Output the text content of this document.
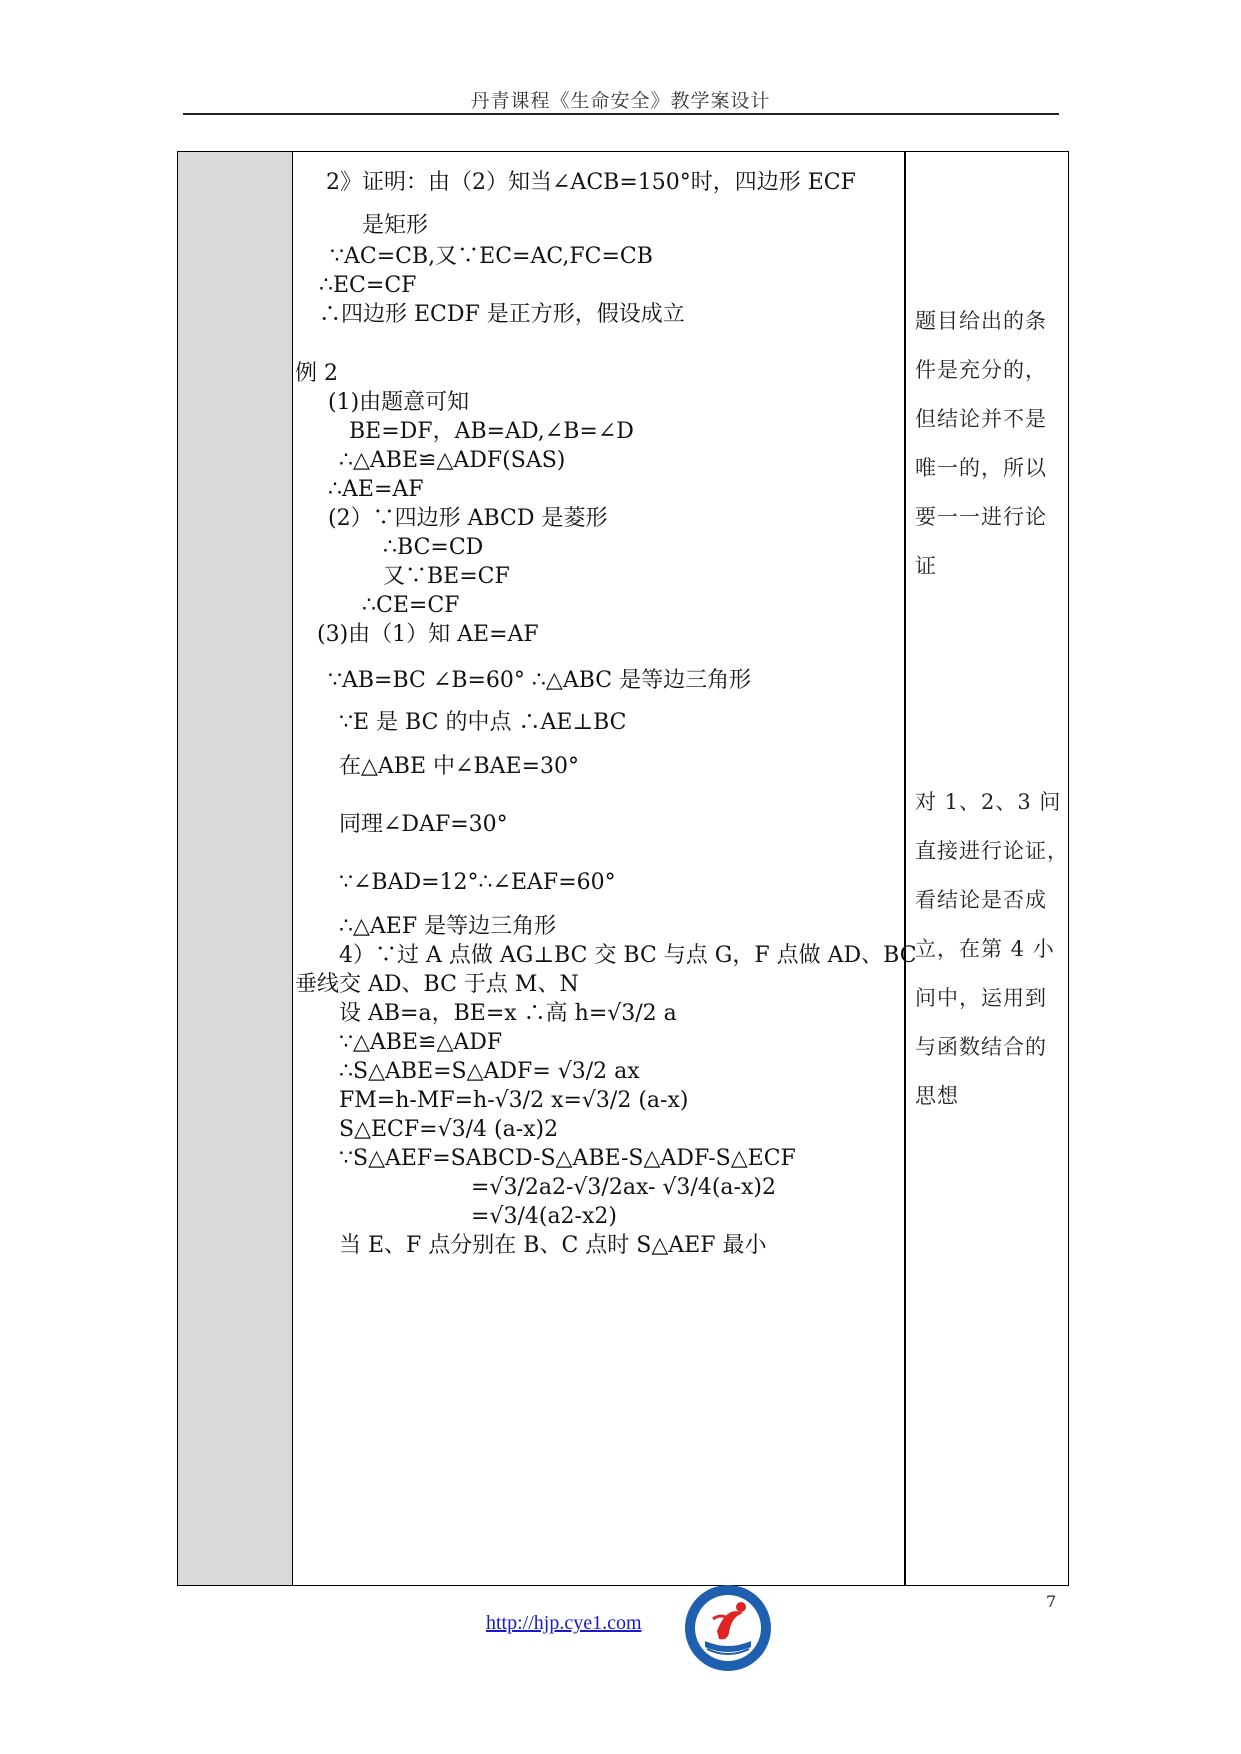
丹青课程《生命安全》教学案设计
2》证明：由（2）知当∠ACB=150°时，四边形 ECF
是矩形
∵AC=CB,又∵EC=AC,FC=CB
∴EC=CF
∴四边形 ECDF 是正方形，假设成立
例 2
(1)由题意可知
BE=DF，AB=AD,∠B=∠D
∴△ABE≌△ADF(SAS)
∴AE=AF
(2）∵四边形 ABCD 是菱形
∴BC=CD
又∵BE=CF
∴CE=CF
(3)由（1）知 AE=AF
∵AB=BC ∠B=60° ∴△ABC 是等边三角形
∵E 是 BC 的中点 ∴AE⊥BC
在△ABE 中∠BAE=30°
同理∠DAF=30°
∵∠BAD=12°∴∠EAF=60°
∴△AEF 是等边三角形
4）∵过 A 点做 AG⊥BC 交 BC 与点 G，F 点做 AD、BC
垂线交 AD、BC 于点 M、N
设 AB=a，BE=x ∴高 h=√3/2 a
∵△ABE≌△ADF
∴S△ABE=S△ADF= √3/2 ax
FM=h-MF=h-√3/2 x=√3/2 (a-x)
S△ECF=√3/4 (a-x)2
∵S△AEF=SABCD-S△ABE-S△ADF-S△ECF
=√3/2a2-√3/2ax- √3/4(a-x)2
=√3/4(a2-x2)
当 E、F 点分别在 B、C 点时 S△AEF 最小
题目给出的条
件是充分的，
但结论并不是
唯一的，所以
要一一进行论
证
对 1、2、3 问
直接进行论证，
看结论是否成
立，在第 4 小
问中，运用到
与函数结合的
思想
7
http://hjp.cye1.com
